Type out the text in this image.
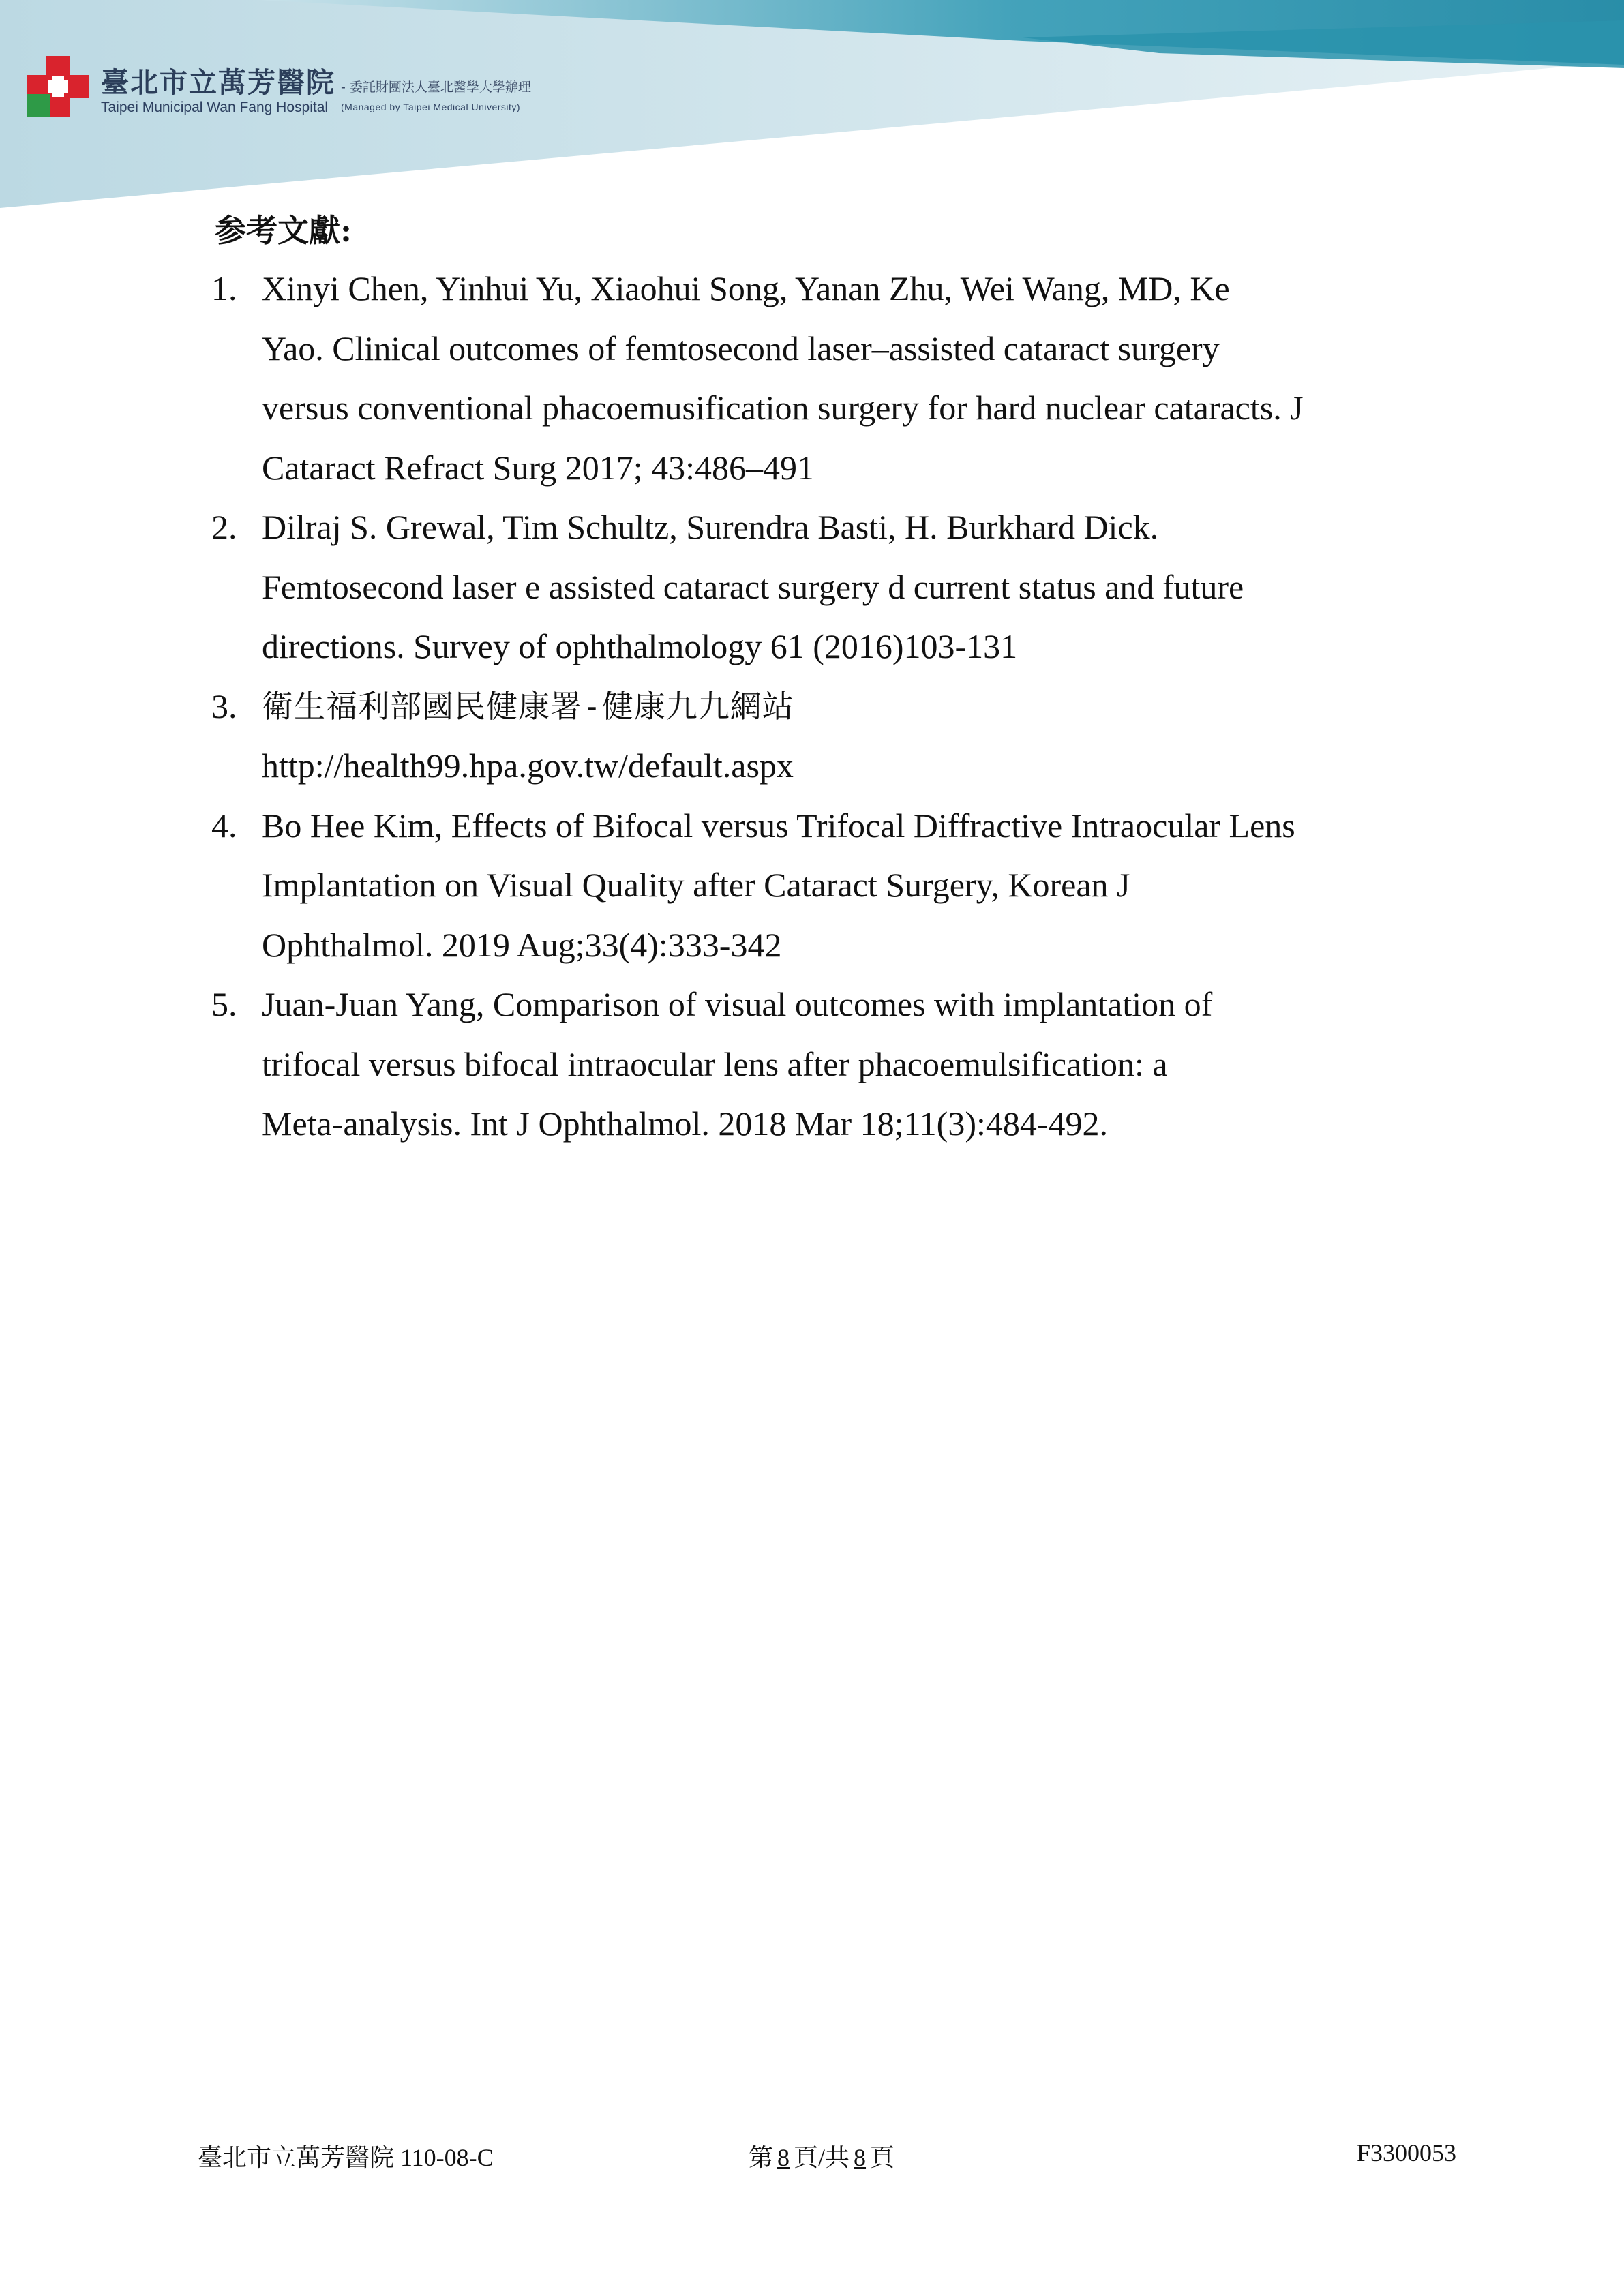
臺北市立萬芳醫院 - 委託財團法人臺北醫學大學辦理
Taipei Municipal Wan Fang Hospital (Managed by Taipei Medical University)
参考文獻:
1. Xinyi Chen, Yinhui Yu, Xiaohui Song, Yanan Zhu, Wei Wang, MD, Ke
Yao. Clinical outcomes of femtosecond laser–assisted cataract surgery
versus conventional phacoemusification surgery for hard nuclear cataracts. J
Cataract Refract Surg 2017; 43:486–491
2. Dilraj S. Grewal, Tim Schultz, Surendra Basti, H. Burkhard Dick.
Femtosecond laser e assisted cataract surgery d current status and future
directions. Survey of ophthalmology 61 (2016)103-131
3. 衛生福利部國民健康署-健康九九網站
http://health99.hpa.gov.tw/default.aspx
4. Bo Hee Kim, Effects of Bifocal versus Trifocal Diffractive Intraocular Lens
Implantation on Visual Quality after Cataract Surgery, Korean J
Ophthalmol. 2019 Aug;33(4):333-342
5. Juan-Juan Yang, Comparison of visual outcomes with implantation of
trifocal versus bifocal intraocular lens after phacoemulsification: a
Meta-analysis. Int J Ophthalmol. 2018 Mar 18;11(3):484-492.
臺北市立萬芳醫院 110-08-C	第 8 頁/共 8 頁	F3300053
